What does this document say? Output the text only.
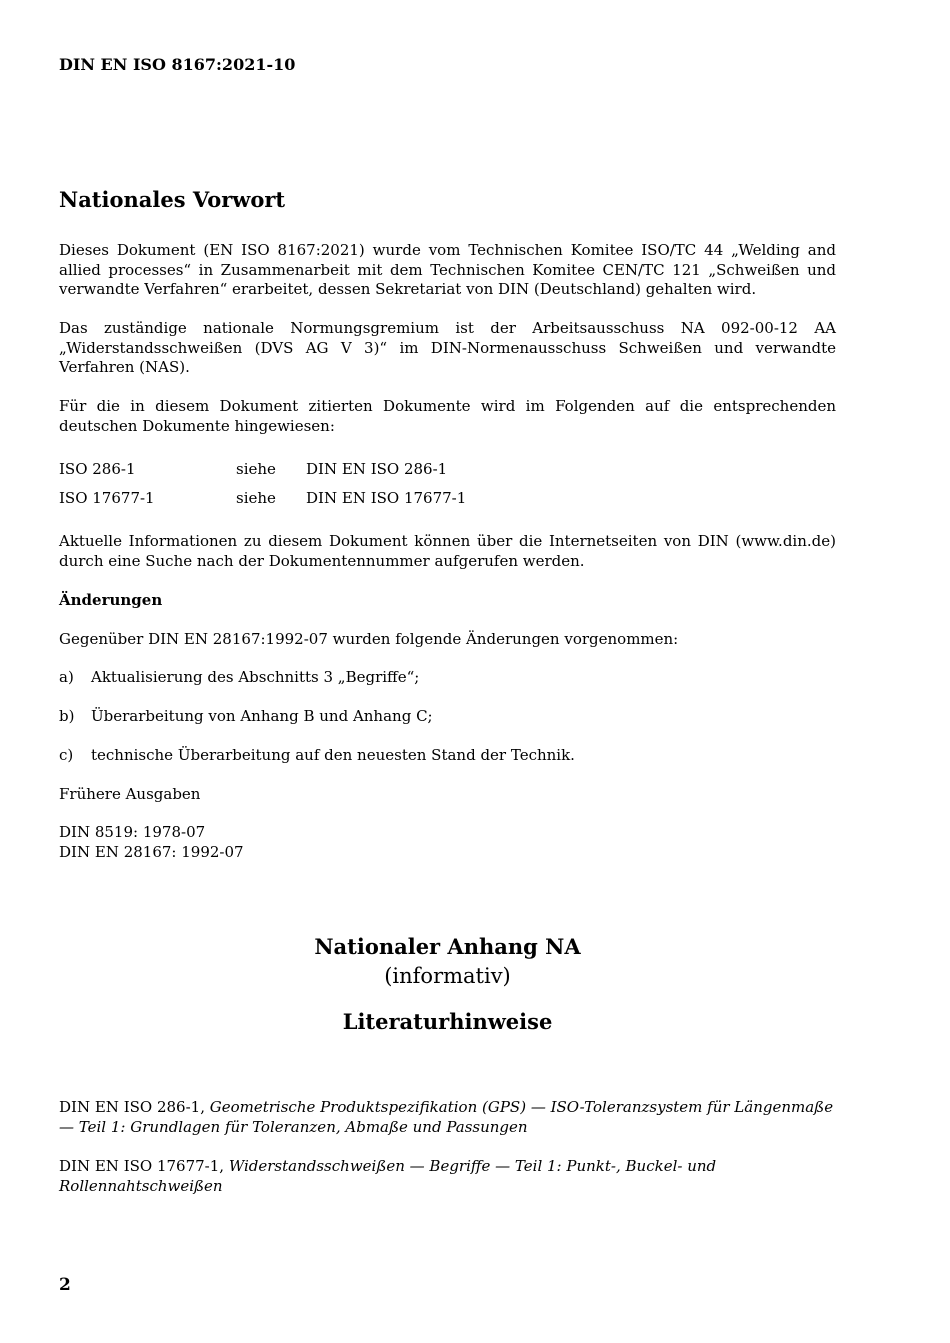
DIN EN ISO 8167:2021-10
Nationales Vorwort

Dieses Dokument (EN ISO 8167:2021) wurde vom Technischen Komitee ISO/TC 44 „Welding and allied processes“ in Zusammenarbeit mit dem Technischen Komitee CEN/TC 121 „Schweißen und verwandte Verfahren“ erarbeitet, dessen Sekretariat von DIN (Deutschland) gehalten wird.

Das zuständige nationale Normungsgremium ist der Arbeitsausschuss NA 092-00-12 AA „Widerstandsschweißen (DVS AG V 3)“ im DIN-Normenausschuss Schweißen und verwandte Verfahren (NAS).

Für die in diesem Dokument zitierten Dokumente wird im Folgenden auf die entsprechenden deutschen Dokumente hingewiesen:

ISO 286-1	siehe	DIN EN ISO 286-1
ISO 17677-1	siehe	DIN EN ISO 17677-1

Aktuelle Informationen zu diesem Dokument können über die Internetseiten von DIN (www.din.de) durch eine Suche nach der Dokumentennummer aufgerufen werden.

Änderungen

Gegenüber DIN EN 28167:1992-07 wurden folgende Änderungen vorgenommen:

a)	Aktualisierung des Abschnitts 3 „Begriffe“;
b)	Überarbeitung von Anhang B und Anhang C;
c)	technische Überarbeitung auf den neuesten Stand der Technik.

Frühere Ausgaben

DIN 8519: 1978-07

DIN EN 28167: 1992-07

Nationaler Anhang NA
(informativ)
Literaturhinweise

DIN EN ISO 286-1, Geometrische Produktspezifikation (GPS) — ISO-Toleranzsystem für Längenmaße — Teil 1: Grundlagen für Toleranzen, Abmaße und Passungen

DIN EN ISO 17677-1, Widerstandsschweißen — Begriffe — Teil 1: Punkt-, Buckel- und Rollennahtschweißen

2
